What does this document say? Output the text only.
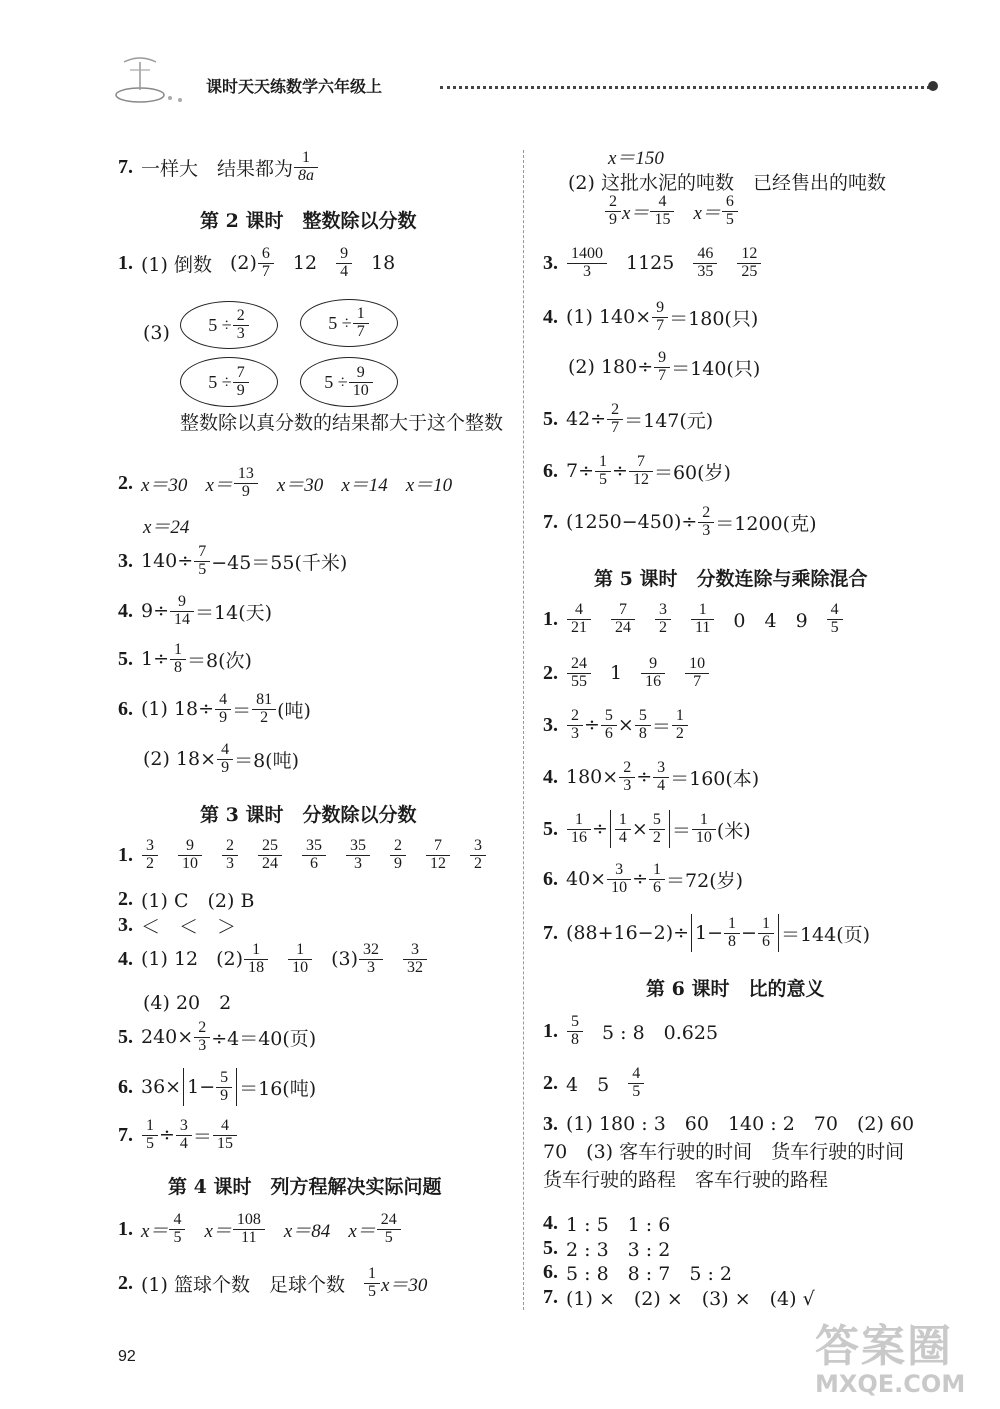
课时天天练数学六年级上
7. 一样大　结果都为 $\frac{1}{8a}$
第 2 课时　整数除以分数
1. (1) 倒数 $(2) \frac{6}{7} 12 \frac{9}{4} 18$
(3) $5 \div \frac{2}{3}$	$5 \div \frac{1}{7}$
$5 \div \frac{7}{9}$	$5 \div \frac{9}{10}$
整数除以真分数的结果都大于这个整数
2. x＝30 $x= \frac{13}{9} x=30$ x＝14 x＝10
x＝24
3. $140\div \frac{7}{5} -45=55$(千米)
4. $9\div \frac{9}{14} =14$(天)
5. $1\div \frac{1}{8} =8$(次)
6. (1) $18\div \frac{4}{9} = \frac{81}{2}$ (吨)
(2) $18\times \frac{4}{9} =8$(吨)
第 3 课时　分数除以分数
1. $\frac{3}{2} \frac{9}{10} \frac{2}{3} \frac{25}{24} \frac{35}{6} \frac{35}{3} \frac{2}{9} \frac{7}{12} \frac{3}{2}$
2. (1) C　(2) B
3. ＜　＜　＞
4. (1) 12 $(2) \frac{1}{18} \frac{1}{10} (3) \frac{32}{3} \frac{3}{32}$
(4) 20　2
5. $240\times \frac{2}{3} \div 4=40$(页)
6. $36\times 1- \frac{5}{9} =16$(吨)
7. $\frac{1}{5} \div \frac{3}{4} = \frac{4}{15}$
第 4 课时　列方程解决实际问题
1. $x= \frac{4}{5} x= \frac{108}{11} x=84$ $x= \frac{24}{5}$
2. (1) 篮球个数　足球个数 $\frac{1}{5} x=30$
x＝150
(2) 这批水泥的吨数　已经售出的吨数
$\frac{2}{9} x= \frac{4}{15} x= \frac{6}{5}$
3. $\frac{1400}{3} 1125 \frac{46}{35} \frac{12}{25}$
4. (1) $140\times \frac{9}{7} =180$(只)
(2) $180\div \frac{9}{7} =140$(只)
5. $42\div \frac{2}{7} =147$(元)
6. $7\div \frac{1}{5} \div \frac{7}{12} =60$(岁)
7. $(1250-450)\div \frac{2}{3} =1200$(克)
第 5 课时　分数连除与乘除混合
1. $\frac{4}{21} \frac{7}{24} \frac{3}{2} \frac{1}{11} 0$　4　$9 \frac{4}{5}$
2. $\frac{24}{55} 1 \frac{9}{16} \frac{10}{7}$
3. $\frac{2}{3} \div \frac{5}{6} \times \frac{5}{8} = \frac{1}{2}$
4. $180\times \frac{2}{3} \div \frac{3}{4} =160$(本)
5. $\frac{1}{16} \div \frac{1}{4} \times \frac{5}{2} = \frac{1}{10}$ (米)
6. $40\times \frac{3}{10} \div \frac{1}{6} =72$(岁)
7. $(88+16-2)\div 1- \frac{1}{8} - \frac{1}{6} =144$(页)
第 6 课时　比的意义
1. $\frac{5}{8} 5$ : 8　0.625
2. 4　$5 \frac{4}{5}$
3. (1) 180 : 3　60　140 : 2　70　(2) 60　70　(3) 客车行驶的时间　货车行驶的时间　货车行驶的路程　客车行驶的路程
4. 1 : 5　1 : 6
5. 2 : 3　3 : 2
6. 5 : 8　8 : 7　5 : 2
7. (1) ×　(2) ×　(3) ×　(4) √
92	答案圈
MXQE.COM
